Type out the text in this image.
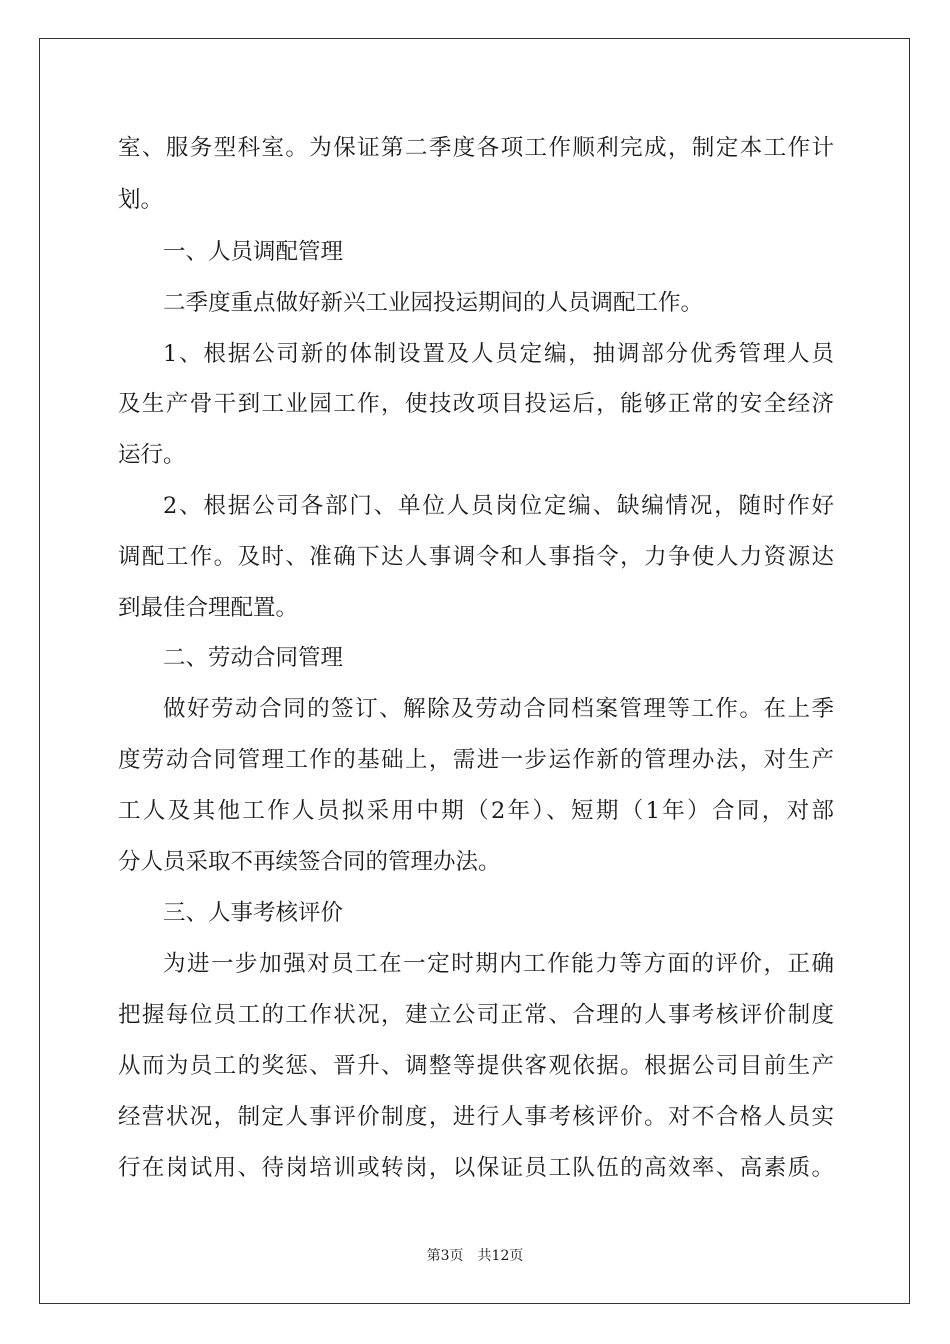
室、服务型科室。为保证第二季度各项工作顺利完成，制定本工作计
划。
一、人员调配管理
二季度重点做好新兴工业园投运期间的人员调配工作。
1、根据公司新的体制设置及人员定编，抽调部分优秀管理人员
及生产骨干到工业园工作，使技改项目投运后，能够正常的安全经济
运行。
2、根据公司各部门、单位人员岗位定编、缺编情况，随时作好
调配工作。及时、准确下达人事调令和人事指令，力争使人力资源达
到最佳合理配置。
二、劳动合同管理
做好劳动合同的签订、解除及劳动合同档案管理等工作。在上季
度劳动合同管理工作的基础上，需进一步运作新的管理办法，对生产
工人及其他工作人员拟采用中期（2年）、短期（1年）合同，对部
分人员采取不再续签合同的管理办法。
三、人事考核评价
为进一步加强对员工在一定时期内工作能力等方面的评价，正确
把握每位员工的工作状况，建立公司正常、合理的人事考核评价制度
从而为员工的奖惩、晋升、调整等提供客观依据。根据公司目前生产
经营状况，制定人事评价制度，进行人事考核评价。对不合格人员实
行在岗试用、待岗培训或转岗，以保证员工队伍的高效率、高素质。
第3页 共12页
